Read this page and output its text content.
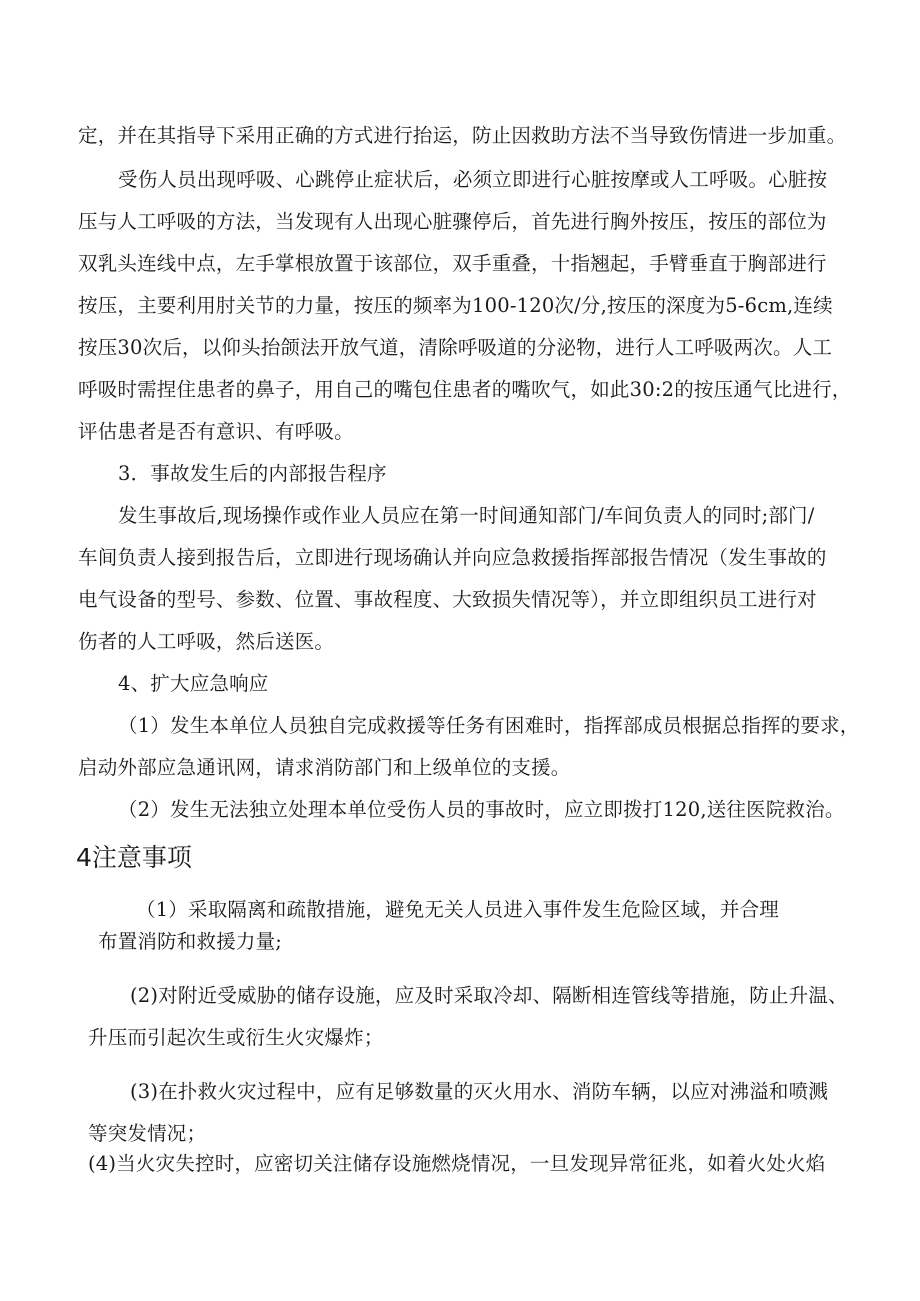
定，并在其指导下采用正确的方式进行抬运，防止因救助方法不当导致伤情进一步加重。
受伤人员出现呼吸、心跳停止症状后，必须立即进行心脏按摩或人工呼吸。心脏按
压与人工呼吸的方法，当发现有人出现心脏骤停后，首先进行胸外按压，按压的部位为
双乳头连线中点，左手掌根放置于该部位，双手重叠，十指翘起，手臂垂直于胸部进行
按压，主要利用肘关节的力量，按压的频率为100-120次/分,按压的深度为5-6cm,连续
按压30次后，以仰头抬颌法开放气道，清除呼吸道的分泌物，进行人工呼吸两次。人工
呼吸时需捏住患者的鼻子，用自己的嘴包住患者的嘴吹气，如此30:2的按压通气比进行，
评估患者是否有意识、有呼吸。
3．事故发生后的内部报告程序
发生事故后,现场操作或作业人员应在第一时间通知部门/车间负责人的同时;部门/
车间负责人接到报告后，立即进行现场确认并向应急救援指挥部报告情况（发生事故的
电气设备的型号、参数、位置、事故程度、大致损失情况等），并立即组织员工进行对
伤者的人工呼吸，然后送医。
4、扩大应急响应
（1）发生本单位人员独自完成救援等任务有困难时，指挥部成员根据总指挥的要求，
启动外部应急通讯网，请求消防部门和上级单位的支援。
（2）发生无法独立处理本单位受伤人员的事故时，应立即拨打120,送往医院救治。
4注意事项
（1）采取隔离和疏散措施，避免无关人员进入事件发生危险区域，并合理
布置消防和救援力量;
(2)对附近受威胁的储存设施，应及时采取冷却、隔断相连管线等措施，防止升温、
升压而引起次生或衍生火灾爆炸；
(3)在扑救火灾过程中，应有足够数量的灭火用水、消防车辆，以应对沸溢和喷溅
等突发情况；
(4)当火灾失控时，应密切关注储存设施燃烧情况，一旦发现异常征兆，如着火处火焰
